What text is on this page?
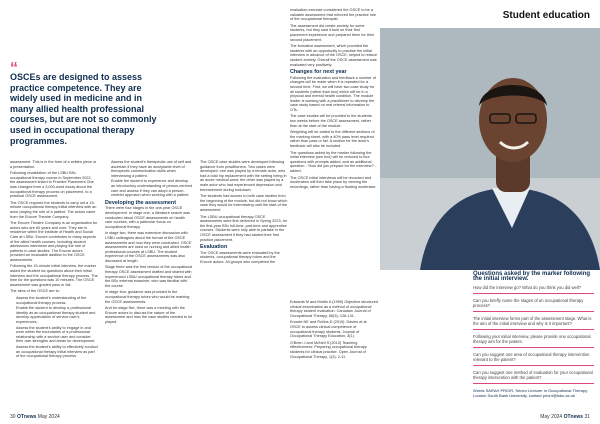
Student education
“
OSCEs are designed to assess practice competence. They are widely used in medicine and in many allied health professional courses, but are not so commonly used in occupational therapy programmes.

assessment. This is in the form of a written piece or a presentation.

Following revalidation of the LSBU BSc occupational therapy course in September 2022, the assessment linked to Practice Placement One was changed from a 3,000-word essay about the occupational therapy process on placement, to a practical OSCE assessment.

The OSCE required the students to carry out a 15-minute occupational therapy initial interview with an actor playing the role of a patient. The actors came from the Encore Theatre Company.

The Encore Theatre Company is an organisation for actors who are 60 years and over. They are in residence within the Institute of Health and Social Care at LSBU. Encore contributes to many aspects of the allied health courses, including student admissions interviews and playing the role of patients in case studies. The Encore actors provided an invaluable addition to the OSCE assessments.

Following the 15-minute initial interview, the marker asked the student six questions about their initial interview and the occupational therapy process. The time for the questions was 10 minutes. The OSCE assessment was graded pass or fail.

The aims of the OSCE are to:

• Assess the student's understanding of the occupational therapy process.
• Enable the student to develop a professional identity as an occupational therapy student and develop appreciation of service user's experiences.
• Assess the student's ability to engage in and work within the boundaries of a professional relationship with a service user and consider their own strengths and areas for development.
• Assess the student's ability to effectively conduct an occupational therapy initial interview as part of the occupational therapy process.
• Assess the student's therapeutic use of self and ascertain if they have an acceptable level of therapeutic communication skills when interviewing a patient.
• Enable the student to experience and develop an introductory understanding of person-centred care and assess if they can adopt a person-centred approach when working with a patient.
Developing the assessment

There were four stages in the one-year OSCE development. In stage one, a literature search was conducted about OSCE assessments on health care courses, with a particular focus on occupational therapy.

In stage two, there was extensive discussion with LSBU colleagues about the format of the OSCE assessments and how they were conducted. OSCE assessments are used on nursing and allied health professional courses at LSBU. The student experience of the OSCE assessments was also discussed at length.

Stage three was the first version of the occupational therapy OSCE assessment drafted and shared with experienced LSBU occupational therapy tutors and the BSc external examiner, who was familiar with the course.

In stage four, guidance was provided to the occupational therapy tutors who would be marking the OSCE assessments.

And for stage five, there was a meeting with the Encore actors to discuss the nature of the assessment and how the case studies needed to be played.

The OSCE case studies were developed following guidance from practitioners. Two cases were developed: one was played by a female actor, who had a total hip replacement with the setting being in an acute medical ward; the other was played by a male actor who had experienced depression and bereavement during lockdown.

The students had access to both case studies from the beginning of the module, but did not know which case they would be interviewing until the start of the assessment.

The LSBU occupational therapy OSCE assessments were first delivered in Spring 2023, for the first-year BSc full-time, part-time and apprentice courses. Students were only able to partake in the OSCE assessment if they had started their first practice placement.

Evaluation

The OSCE assessments were evaluated by the students, occupational therapy tutors and the Encore actors. All groups who completed the

evaluation exercise considered the OSCE to be a valuable assessment that mirrored the practice role of the occupational therapist.

The assessment did create anxiety for some students, but they said it built on their first placement experience and prepared them for their second placement.

The formative assessment, which provided the students with an opportunity to practise the initial interview in advance of the OSCE, helped to reduce student anxiety. Overall the OSCE assessment was evaluated very positively.

Changes for next year

Following the evaluation and feedback a number of changes will be made when it is repeated for a second time. First, we will have two case study for all students (rather than two) which will be in a physical and mental health condition. The module leader is working with a practitioner to develop the case study based on real referral information to OTs.

The case studies will be provided to the students two weeks before the OSCE assessment, rather than at the start of the module.

Weighting will be added to the different sections of the marking sheet, with a 40% pass level required rather than pass or fail. A section for the actor's feedback will also be included.

The questions asked by the marker following the initial interview (see box) will be reduced to four questions with prompts added, and an additional question - 'How did you prepare for the interview?' - added.

The OSCE initial interviews will be recorded and moderation will then take place by viewing the recordings, rather than having a floating moderator.

Edwards M and Martin A (1999) Objective structured clinical examination as a method of occupational therapy student evaluation. Canadian Journal of Occupational Therapy, 66(3): 128-131.

Knowle NE and Rollins D (2019). Davies et al: OSCE to assess clinical competence of occupational therapy students. Journal of Occupational Therapy Education, 3(1).

O'Brien J and McNeil S (2013) Teaching effectiveness: Preparing occupational therapy students for clinical practice. Open Journal of Occupational Therapy, 1(3): 2-11.

Questions asked by the marker following the initial interview.
How did the interview go? What do you think you did well?
Can you briefly name the stages of an occupational therapy process?
The initial interview forms part of the assessment stage. What is the aim of the initial interview and why is it important?
Following your initial interview, please provide one occupational therapy aim for the patient.
Can you suggest one area of occupational therapy intervention relevant to the patient?
Can you suggest one method of evaluation for your occupational therapy intervention with the patient?
Words SARAH PRIOR, Senior Lecturer in Occupational Therapy, London South Bank University, contact prior4@lsbu.ac.uk
30 OTnews May 2024	May 2024 OTnews 31
